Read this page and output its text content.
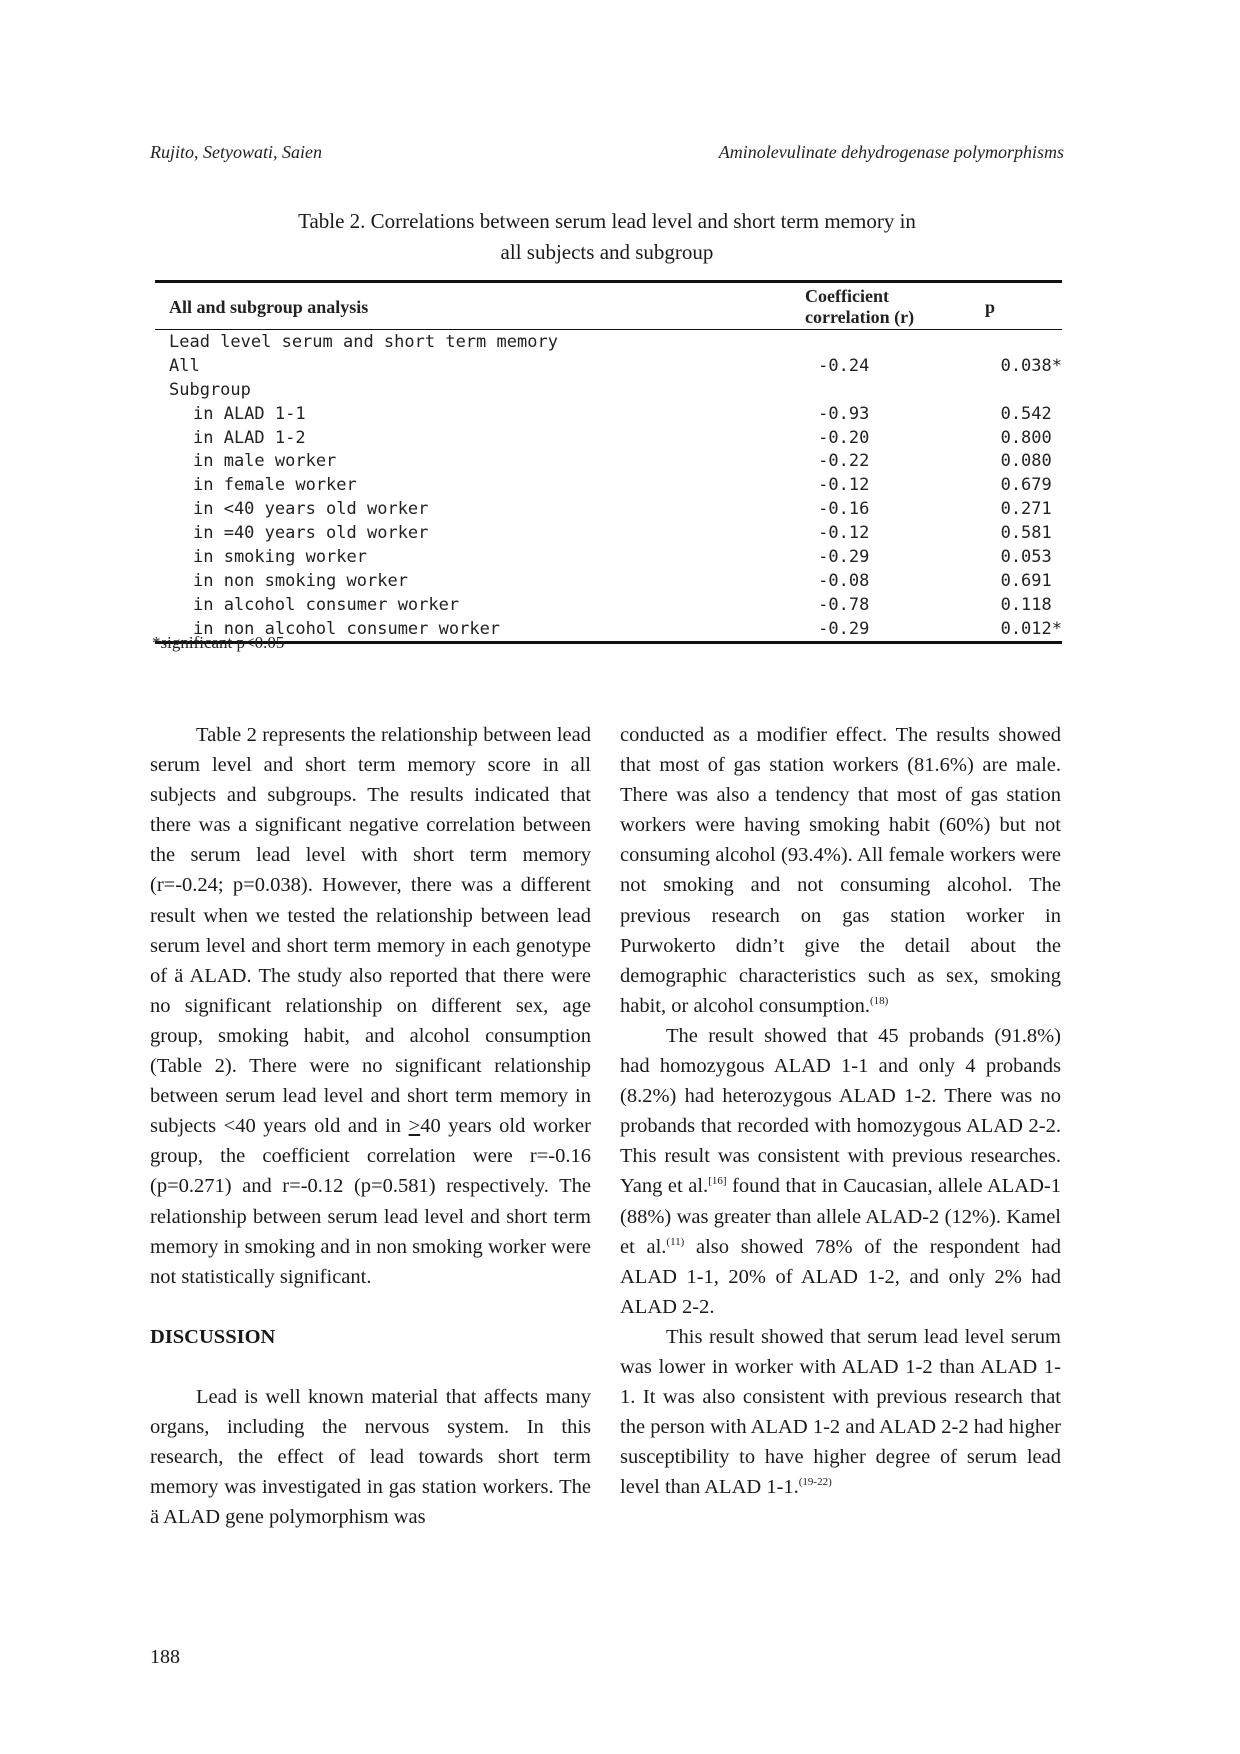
Rujito, Setyowati, Saien	Aminolevulinate dehydrogenase polymorphisms
Table 2. Correlations between serum lead level and short term memory in
all subjects and subgroup
All and subgroup analysis	Coefficient correlation (r)	p
Lead level serum and short term memory		
All	-0.24	0.038*
Subgroup		
in ALAD 1-1	-0.93	0.542
in ALAD 1-2	-0.20	0.800
in male worker	-0.22	0.080
in female worker	-0.12	0.679
in <40 years old worker	-0.16	0.271
in =40 years old worker	-0.12	0.581
in smoking worker	-0.29	0.053
in non smoking worker	-0.08	0.691
in alcohol consumer worker	-0.78	0.118
in non alcohol consumer worker	-0.29	0.012*
*significant p<0.05

Table 2 represents the relationship between lead serum level and short term memory score in all subjects and subgroups. The results indicated that there was a significant negative correlation between the serum lead level with short term memory (r=-0.24; p=0.038). However, there was a different result when we tested the relationship between lead serum level and short term memory in each genotype of ä ALAD. The study also reported that there were no significant relationship on different sex, age group, smoking habit, and alcohol consumption (Table 2). There were no significant relationship between serum lead level and short term memory in subjects <40 years old and in ≥40 years old worker group, the coefficient correlation were r=-0.16 (p=0.271) and r=-0.12 (p=0.581) respectively. The relationship between serum lead level and short term memory in smoking and in non smoking worker were not statistically significant.

DISCUSSION

Lead is well known material that affects many organs, including the nervous system. In this research, the effect of lead towards short term memory was investigated in gas station workers. The ä ALAD gene polymorphism was

conducted as a modifier effect. The results showed that most of gas station workers (81.6%) are male. There was also a tendency that most of gas station workers were having smoking habit (60%) but not consuming alcohol (93.4%). All female workers were not smoking and not consuming alcohol. The previous research on gas station worker in Purwokerto didn’t give the detail about the demographic characteristics such as sex, smoking habit, or alcohol consumption.$^{(18)}$

The result showed that 45 probands (91.8%) had homozygous ALAD 1-1 and only 4 probands (8.2%) had heterozygous ALAD 1-2. There was no probands that recorded with homozygous ALAD 2-2. This result was consistent with previous researches. Yang et al.[16] found that in Caucasian, allele ALAD-1 (88%) was greater than allele ALAD-2 (12%). Kamel et al.$^{(11)}$ also showed 78% of the respondent had ALAD 1-1, 20% of ALAD 1-2, and only 2% had ALAD 2-2.

This result showed that serum lead level serum was lower in worker with ALAD 1-2 than ALAD 1-1. It was also consistent with previous research that the person with ALAD 1-2 and ALAD 2-2 had higher susceptibility to have higher degree of serum lead level than ALAD 1-1.$^{(19-22)}$

188
